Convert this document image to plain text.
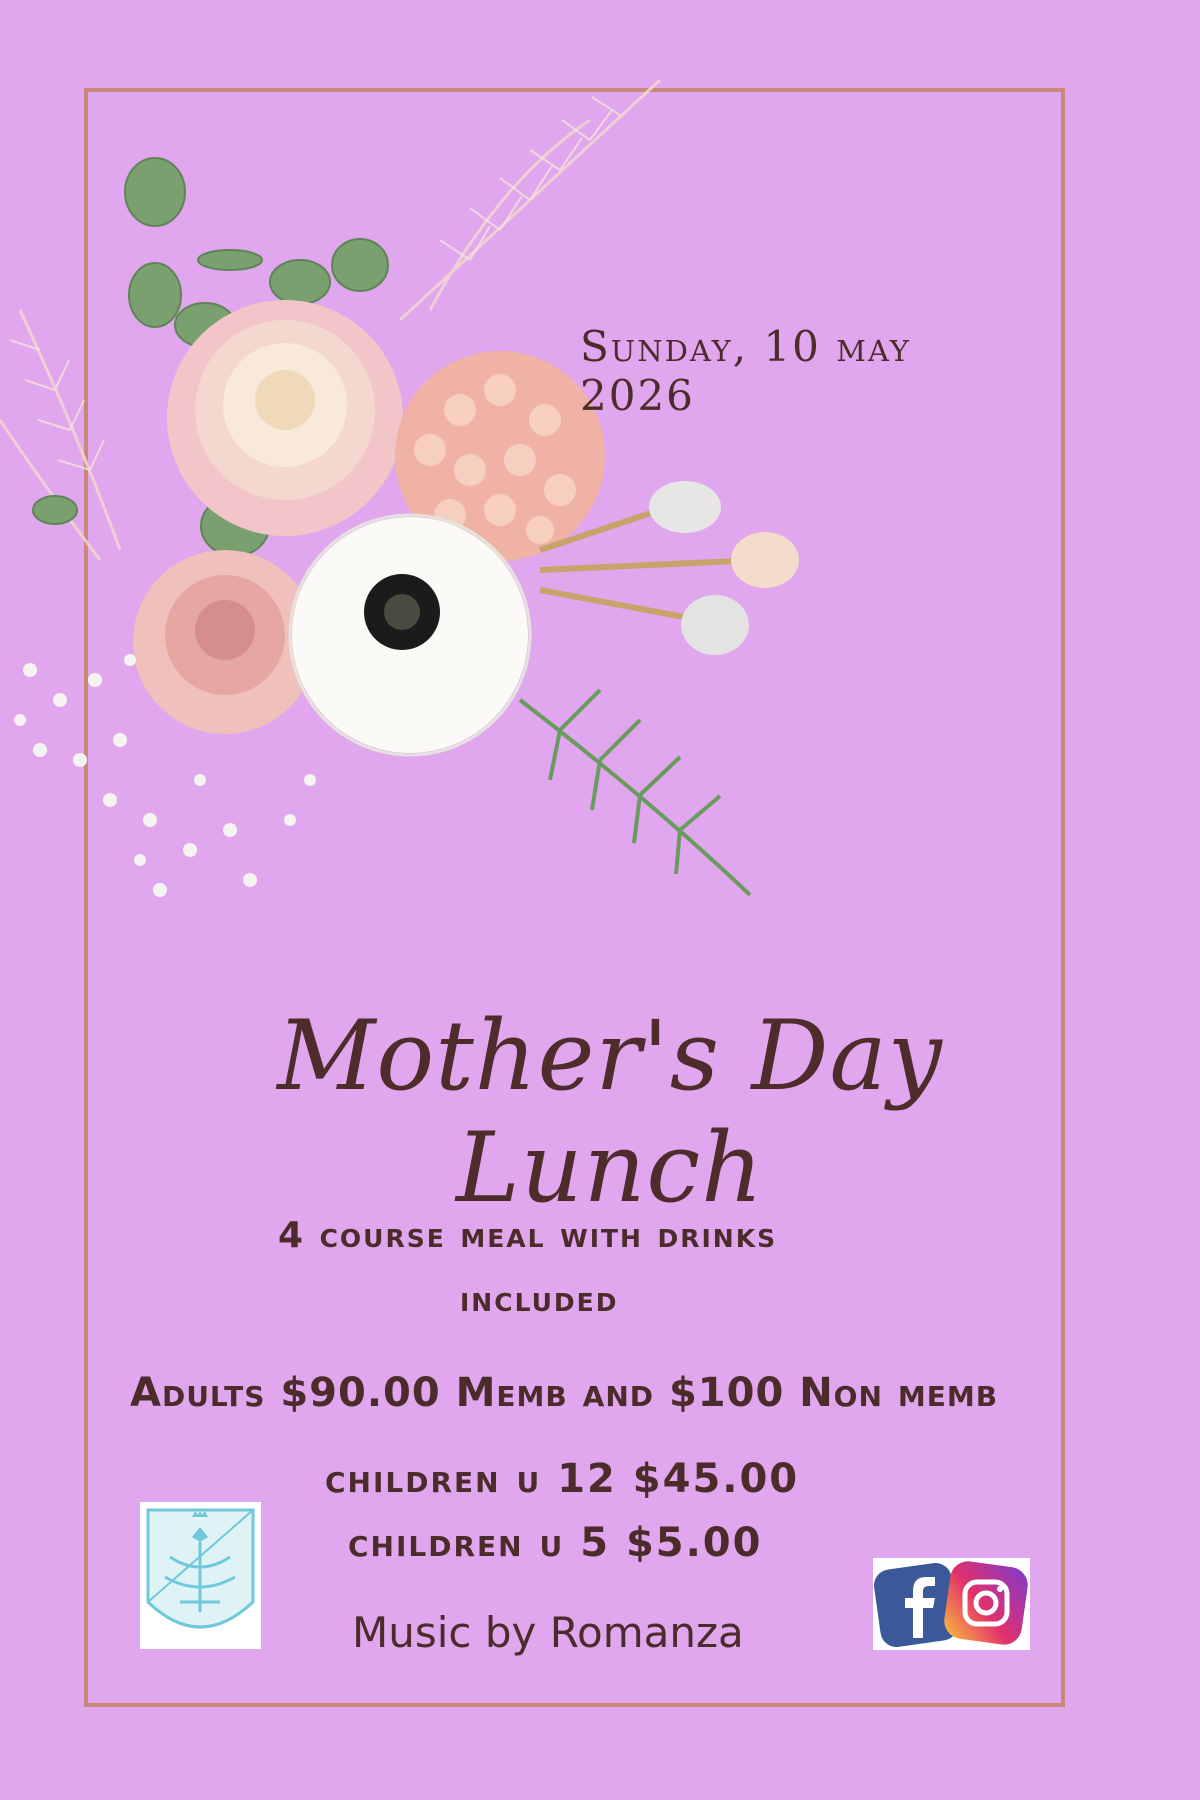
Sunday, 10 may 2026
Mother's Day Lunch
4 course meal with drinks
included
Adults $90.00 Memb and $100 Non memb
children u 12 $45.00
children u 5 $5.00
Music by Romanza
